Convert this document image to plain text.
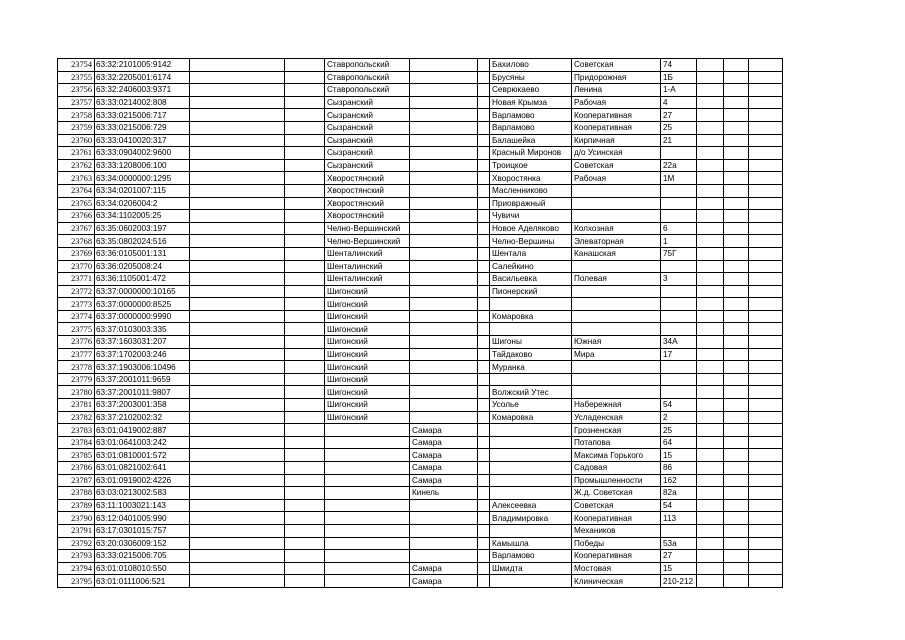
23754	63:32:2101005:9142			Ставропольский			Бахилово	Советская	74			
23755	63:32:2205001:6174			Ставропольский			Брусяны	Придорожная	1Б			
23756	63:32:2406003:9371			Ставропольский			Севрюкаево	Ленина	1-А			
23757	63:33:0214002:808			Сызранский			Новая Крымза	Рабочая	4			
23758	63:33:0215006:717			Сызранский			Варламово	Кооперативная	27			
23759	63:33:0215006:729			Сызранский			Варламово	Кооперативная	25			
23760	63:33:0410020:317			Сызранский			Балашейка	Кирпичная	21			
23761	63:33:0904002:9600			Сызранский			Красный Миронов	д/о Усинская				
23762	63:33:1208006:100			Сызранский			Троицкое	Советская	22а			
23763	63:34:0000000:1295			Хворостянский			Хворостянка	Рабочая	1М			
23764	63:34:0201007:115			Хворостянский			Масленниково					
23765	63:34:0206004:2			Хворостянский			Приовражный					
23766	63:34:1102005:25			Хворостянский			Чувичи					
23767	63:35:0602003:197			Челно-Вершинский			Новое Аделяково	Колхозная	6			
23768	63:35:0802024:516			Челно-Вершинский			Челно-Вершины	Элеваторная	1			
23769	63:36:0105001:131			Шенталинский			Шентала	Канашская	75Г			
23770	63:36:0205008:24			Шенталинский			Салейкино					
23771	63:36:1105001:472			Шенталинский			Васильевка	Полевая	3			
23772	63:37:0000000:10165			Шигонский			Пионерский					
23773	63:37:0000000:8525			Шигонский								
23774	63:37:0000000:9990			Шигонский			Комаровка					
23775	63:37:0103003:335			Шигонский								
23776	63:37:1603031:207			Шигонский			Шигоны	Южная	34А			
23777	63:37:1702003:246			Шигонский			Тайдаково	Мира	17			
23778	63:37:1903006:10496			Шигонский			Муранка					
23779	63:37:2001011:9659			Шигонский								
23780	63:37:2001011:9807			Шигонский			Волжский Утес					
23781	63:37:2003001:358			Шигонский			Усолье	Набережная	54			
23782	63:37:2102002:32			Шигонский			Комаровка	Усладенская	2			
23783	63:01:0419002:887				Самара			Грозненская	25			
23784	63:01:0641003:242				Самара			Потапова	64			
23785	63:01:0810001:572				Самара			Максима Горького	15			
23786	63:01:0821002:641				Самара			Садовая	86			
23787	63:01:0919002:4226				Самара			Промышленности	162			
23788	63:03:0213002:583				Кинель			Ж.д. Советская	82а			
23789	63:11:1003021:143						Алексеевка	Советская	54			
23790	63:12:0401005:990						Владимировка	Кооперативная	113			
23791	63:17:0301015:757							Механиков				
23792	63:20:0306009:152						Камышла	Победы	53а			
23793	63:33:0215006:705						Варламово	Кооперативная	27			
23794	63:01:0108010:550				Самара		Шмидта	Мостовая	15			
23795	63:01:0111006:521				Самара			Клиническая	210-212			
